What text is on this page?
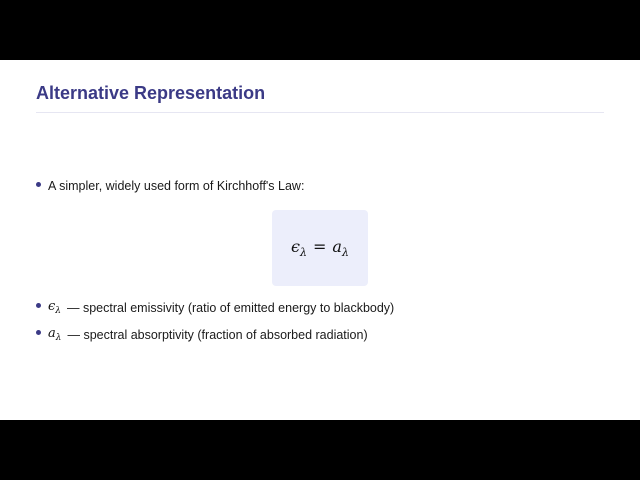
Alternative Representation
A simpler, widely used form of Kirchhoff's Law:
$\epsilon_\lambda = a_\lambda$
$\epsilon_\lambda$ — spectral emissivity (ratio of emitted energy to blackbody)
$a_\lambda$ — spectral absorptivity (fraction of absorbed radiation)
